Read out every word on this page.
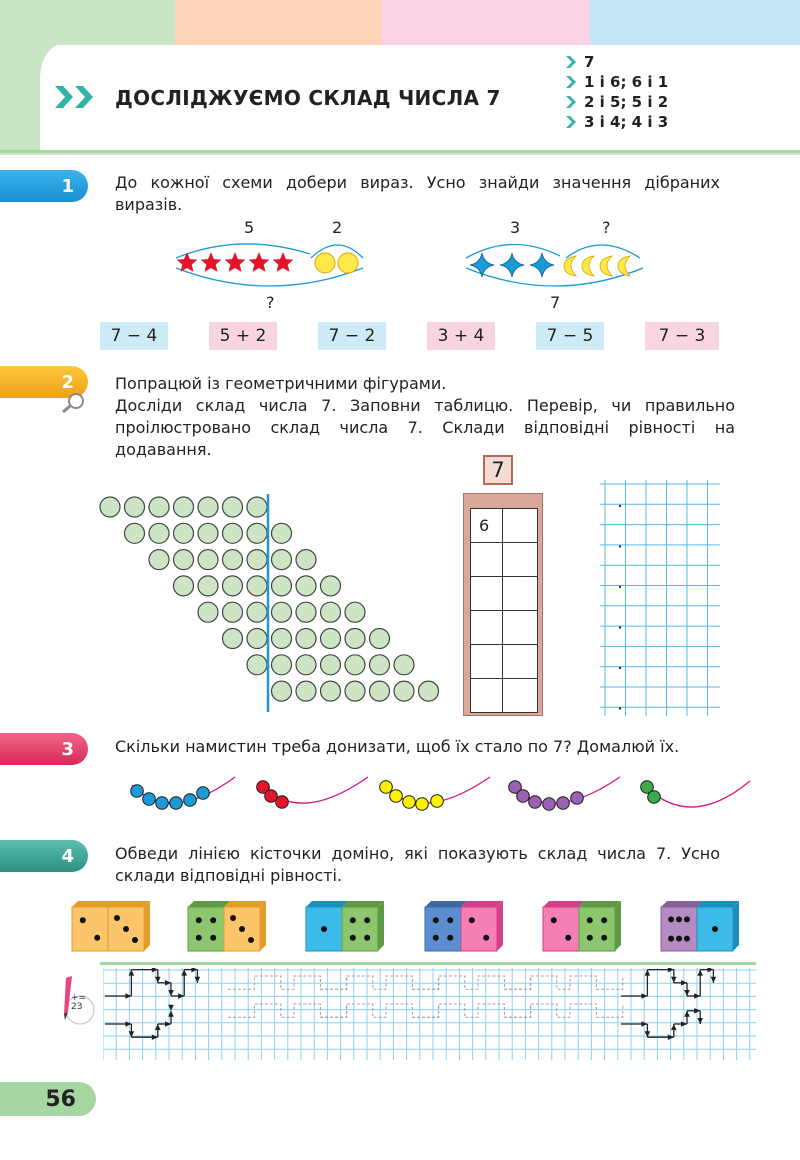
ДОСЛІДЖУЄМО СКЛАД ЧИСЛА 7
7
1 і 6; 6 і 1
2 і 5; 5 і 2
3 і 4; 4 і 3
1	До кожної схеми добери вираз. Усно знайди значення дібраних виразів.
5	2
?
3	?
7
7 − 4	5 + 2	7 − 2	3 + 4	7 − 5	7 − 3
2	Попрацюй із геометричними фігурами.
Досліди склад числа 7. Заповни таблицю. Перевір, чи правильно проілюстровано склад числа 7. Склади відповідні рівності на додавання.
7
6	

3	Скільки намистин треба донизати, щоб їх стало по 7? Домалюй їх.
4	Обведи лінією кісточки доміно, які показують склад числа 7. Усно склади відповідні рівності.
+=
23
56
